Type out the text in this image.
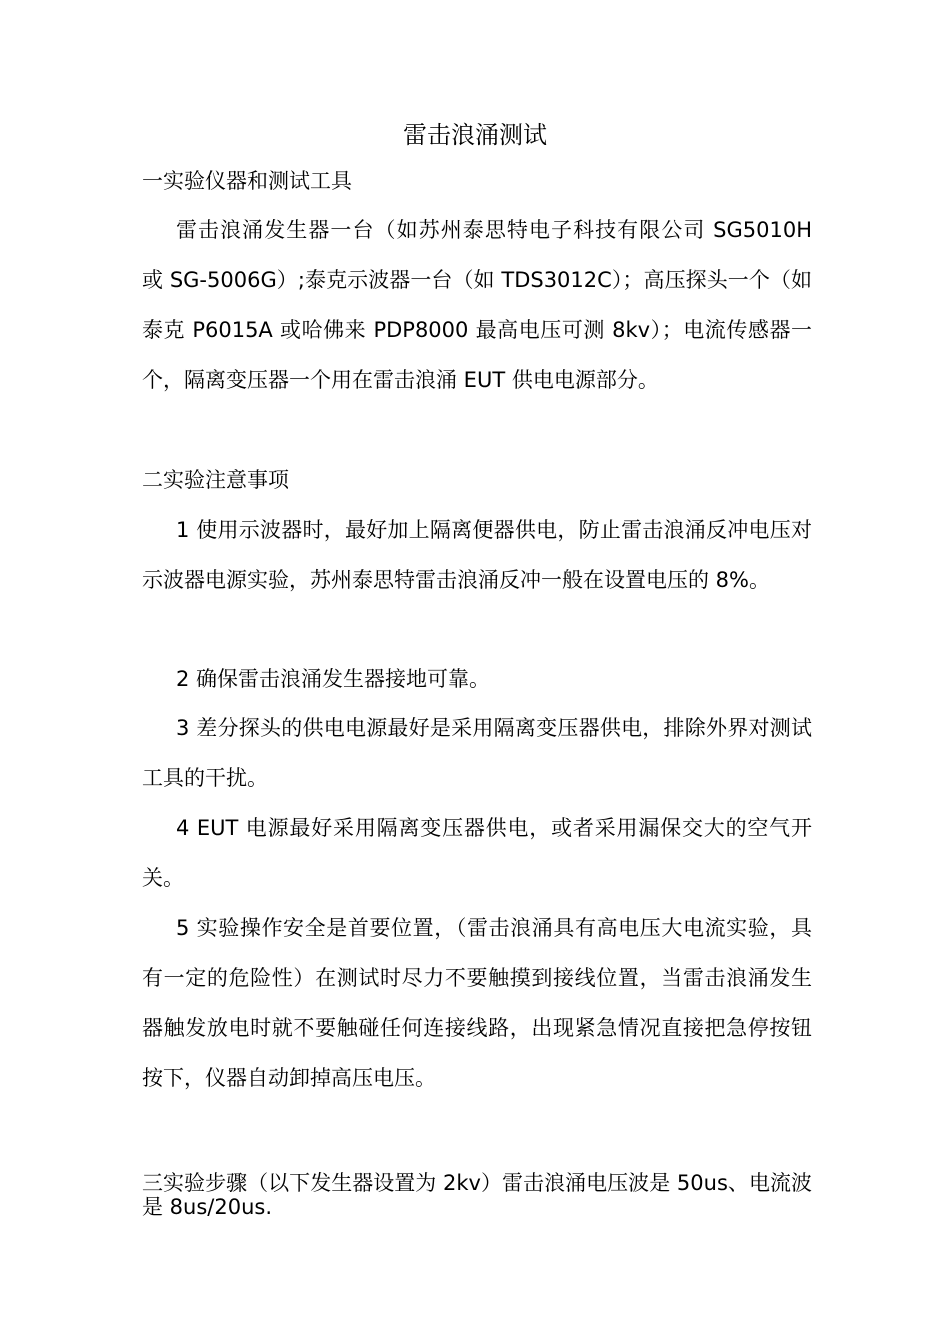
雷击浪涌测试
一实验仪器和测试工具
雷击浪涌发生器一台（如苏州泰思特电子科技有限公司 SG5010H 或 SG-5006G）;泰克示波器一台（如 TDS3012C）；高压探头一个（如泰克 P6015A 或哈佛来 PDP8000 最高电压可测 8kv）；电流传感器一个，隔离变压器一个用在雷击浪涌 EUT 供电电源部分。
二实验注意事项
1 使用示波器时，最好加上隔离便器供电，防止雷击浪涌反冲电压对示波器电源实验，苏州泰思特雷击浪涌反冲一般在设置电压的 8%。
2 确保雷击浪涌发生器接地可靠。
3 差分探头的供电电源最好是采用隔离变压器供电，排除外界对测试工具的干扰。
4 EUT 电源最好采用隔离变压器供电，或者采用漏保交大的空气开关。
5 实验操作安全是首要位置，（雷击浪涌具有高电压大电流实验，具有一定的危险性）在测试时尽力不要触摸到接线位置，当雷击浪涌发生器触发放电时就不要触碰任何连接线路，出现紧急情况直接把急停按钮按下，仪器自动卸掉高压电压。
三实验步骤（以下发生器设置为 2kv）雷击浪涌电压波是 50us、电流波是 8us/20us.
